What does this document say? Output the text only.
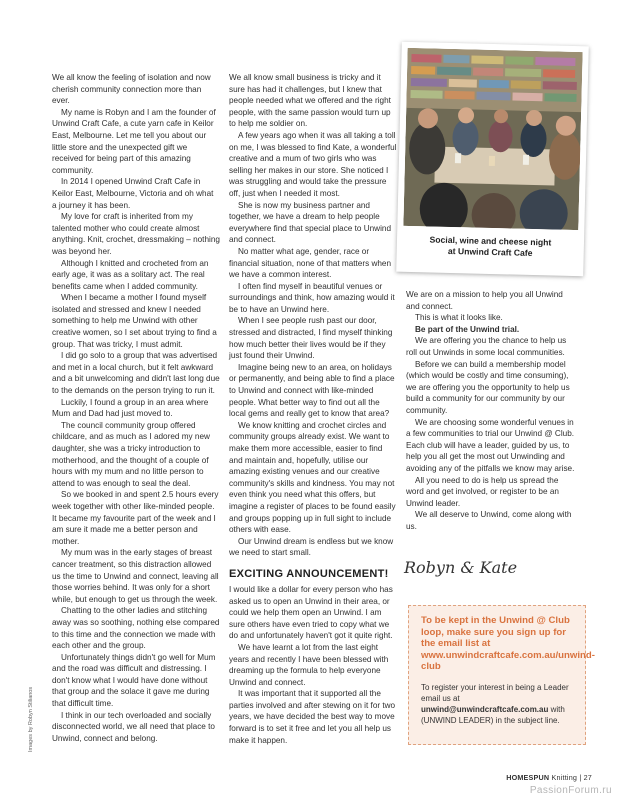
We all know the feeling of isolation and now cherish community connection more than ever.

My name is Robyn and I am the founder of Unwind Craft Cafe, a cute yarn cafe in Keilor East, Melbourne. Let me tell you about our little store and the unexpected gift we received for being part of this amazing community.

In 2014 I opened Unwind Craft Cafe in Keilor East, Melbourne, Victoria and oh what a journey it has been.

My love for craft is inherited from my talented mother who could create almost anything. Knit, crochet, dressmaking – nothing was beyond her.

Although I knitted and crocheted from an early age, it was as a solitary act. The real benefits came when I added community.

When I became a mother I found myself isolated and stressed and knew I needed something to help me Unwind with other creative women, so I set about trying to find a group. That was tricky, I must admit.

I did go solo to a group that was advertised and met in a local church, but it felt awkward and a bit unwelcoming and didn't last long due to the demands on the person trying to run it.

Luckily, I found a group in an area where Mum and Dad had just moved to.

The council community group offered childcare, and as much as I adored my new daughter, she was a tricky introduction to motherhood, and the thought of a couple of hours with my mum and no little person to attend to was enough to seal the deal.

So we booked in and spent 2.5 hours every week together with other like-minded people. It became my favourite part of the week and I am sure it made me a better person and mother.

My mum was in the early stages of breast cancer treatment, so this distraction allowed us the time to Unwind and connect, leaving all those worries behind. It was only for a short while, but enough to get us through the week.

Chatting to the other ladies and stitching away was so soothing, nothing else compared to this time and the connection we made with each other and the group.

Unfortunately things didn't go well for Mum and the road was difficult and distressing. I don't know what I would have done without that group and the solace it gave me during that difficult time.

I think in our tech overloaded and socially disconnected world, we all need that place to Unwind, connect and belong.

We all know small business is tricky and it sure has had it challenges, but I knew that people needed what we offered and the right people, with the same passion would turn up to help me soldier on.

A few years ago when it was all taking a toll on me, I was blessed to find Kate, a wonderful creative and a mum of two girls who was selling her makes in our store. She noticed I was struggling and would take the pressure off, just when I needed it most.

She is now my business partner and together, we have a dream to help people everywhere find that special place to Unwind and connect.

No matter what age, gender, race or financial situation, none of that matters when we have a common interest.

I often find myself in beautiful venues or surroundings and think, how amazing would it be to have an Unwind here.

When I see people rush past our door, stressed and distracted, I find myself thinking how much better their lives would be if they just found their Unwind.

Imagine being new to an area, on holidays or permanently, and being able to find a place to Unwind and connect with like-minded people. What better way to find out all the local gems and really get to know that area?

We know knitting and crochet circles and community groups already exist. We want to make them more accessible, easier to find and maintain and, hopefully, utilise our amazing existing venues and our creative community's skills and kindness. You may not even think you need what this offers, but imagine a register of places to be found easily and groups popping up in full sight to include others with ease.

Our Unwind dream is endless but we know we need to start small.

EXCITING ANNOUNCEMENT!

I would like a dollar for every person who has asked us to open an Unwind in their area, or could we help them open an Unwind. I am sure others have even tried to copy what we do and unfortunately haven't got it quite right.

We have learnt a lot from the last eight years and recently I have been blessed with dreaming up the formula to help everyone Unwind and connect.

It was important that it supported all the parties involved and after stewing on it for two years, we have decided the best way to move forward is to set it free and let you all help us make it happen.

Social, wine and cheese night
at Unwind Craft Cafe

We are on a mission to help you all Unwind and connect.

This is what it looks like.

Be part of the Unwind trial.

We are offering you the chance to help us roll out Unwinds in some local communities.

Before we can build a membership model (which would be costly and time consuming), we are offering you the opportunity to help us build a community for our community by our community.

We are choosing some wonderful venues in a few communities to trial our Unwind @ Club. Each club will have a leader, guided by us, to help you all get the most out Unwinding and avoiding any of the pitfalls we know may arise.

All you need to do is help us spread the word and get involved, or register to be an Unwind leader.

We all deserve to Unwind, come along with us.

Robyn & Kate
To be kept in the Unwind @ Club loop, make sure you sign up for the email list at www.unwindcraftcafe.com.au/unwind-club
To register your interest in being a Leader email us at unwind@unwindcraftcafe.com.au with (UNWIND LEADER) in the subject line.
Images by Robyn Stilianos
HOMESPUN Knitting | 27
PassionForum.ru
